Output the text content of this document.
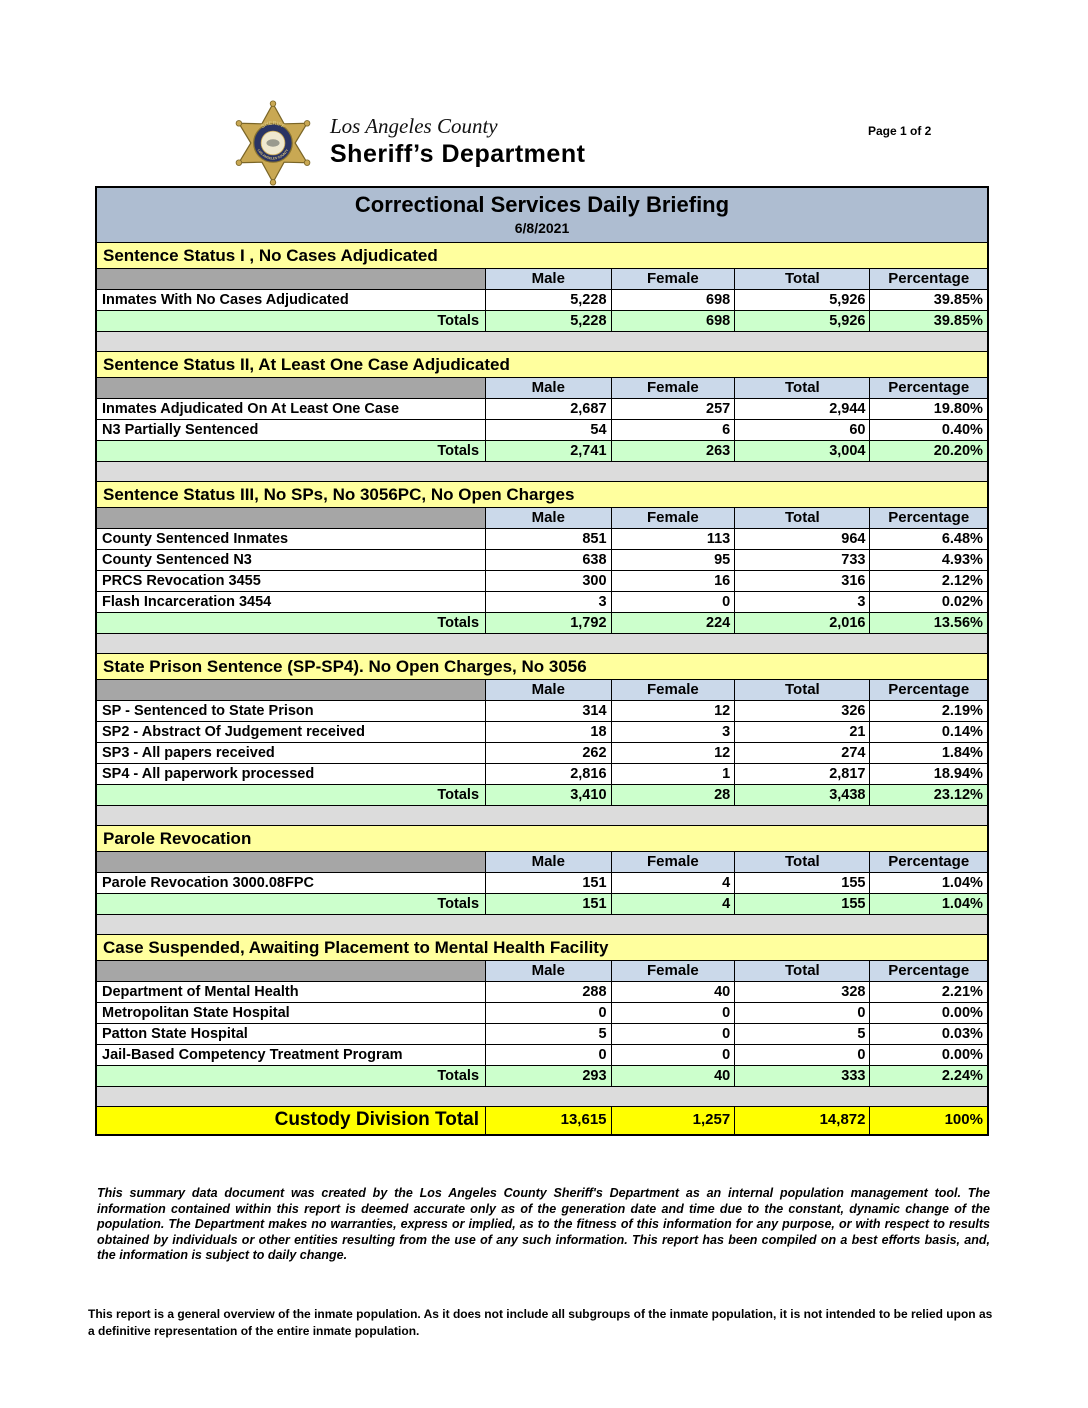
SHERIFF
LOS ANGELES COUNTY
Los Angeles County
Sheriff’s Department
Page 1 of 2
Correctional Services Daily Briefing
6/8/2021
Sentence Status I , No Cases Adjudicated
Male	Female	Total	Percentage
Inmates With No Cases Adjudicated	5,228	698	5,926	39.85%
Totals	5,228	698	5,926	39.85%
Sentence Status II, At Least One Case Adjudicated
Male	Female	Total	Percentage
Inmates Adjudicated On At Least One Case	2,687	257	2,944	19.80%
N3 Partially Sentenced	54	6	60	0.40%
Totals	2,741	263	3,004	20.20%
Sentence Status III, No SPs, No 3056PC, No Open Charges
Male	Female	Total	Percentage
County Sentenced Inmates	851	113	964	6.48%
County Sentenced N3	638	95	733	4.93%
PRCS Revocation 3455	300	16	316	2.12%
Flash Incarceration 3454	3	0	3	0.02%
Totals	1,792	224	2,016	13.56%
State Prison Sentence (SP-SP4). No Open Charges, No 3056
Male	Female	Total	Percentage
SP - Sentenced to State Prison	314	12	326	2.19%
SP2 - Abstract Of Judgement received	18	3	21	0.14%
SP3 - All papers received	262	12	274	1.84%
SP4 - All paperwork processed	2,816	1	2,817	18.94%
Totals	3,410	28	3,438	23.12%
Parole Revocation
Male	Female	Total	Percentage
Parole Revocation 3000.08FPC	151	4	155	1.04%
Totals	151	4	155	1.04%
Case Suspended, Awaiting Placement to Mental Health Facility
Male	Female	Total	Percentage
Department of Mental Health	288	40	328	2.21%
Metropolitan State Hospital	0	0	0	0.00%
Patton State Hospital	5	0	5	0.03%
Jail-Based Competency Treatment Program	0	0	0	0.00%
Totals	293	40	333	2.24%
Custody Division Total	13,615	1,257	14,872	100%

This summary data document was created by the Los Angeles County Sheriff's Department as an internal population management tool. The information contained within this report is deemed accurate only as of the generation date and time due to the constant, dynamic change of the population. The Department makes no warranties, express or implied, as to the fitness of this information for any purpose, or with respect to results obtained by individuals or other entities resulting from the use of any such information. This report has been compiled on a best efforts basis, and, the information is subject to daily change.

This report is a general overview of the inmate population. As it does not include all subgroups of the inmate population, it is not intended to be relied upon as a definitive representation of the entire inmate population.
